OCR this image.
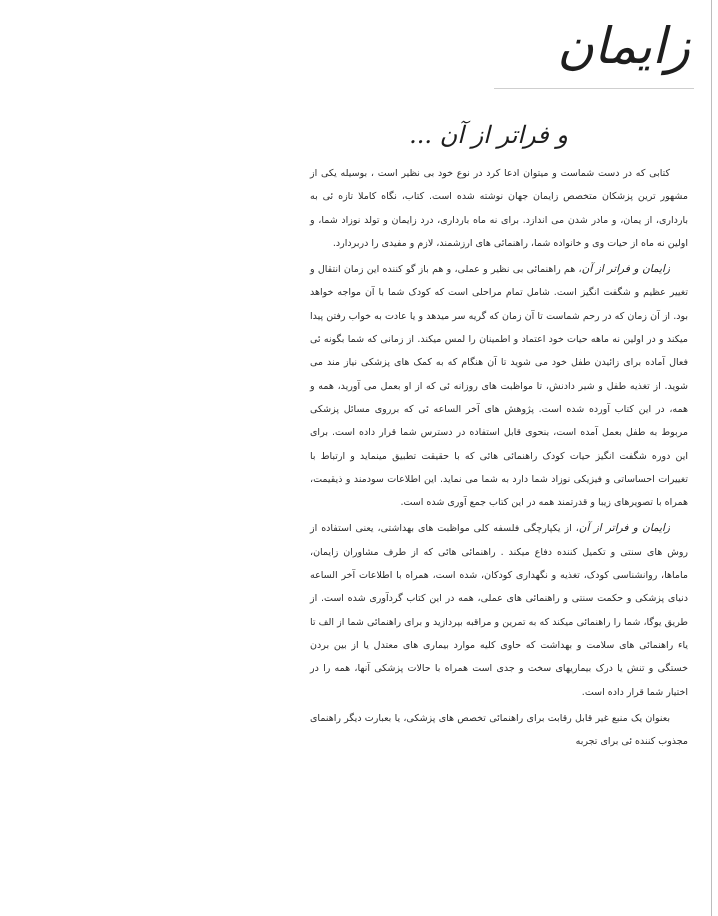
زایمان
و فراتر از آن ...

کتابی که در دست شماست و میتوان ادعا کرد در نوع خود بی نظیر است ، بوسیله یکی از مشهور ترین پزشکان متخصص زایمان جهان نوشته شده است. کتاب، نگاه کاملا تازه ئی به بارداری، از یمان، و مادر شدن می اندازد. برای نه ماه بارداری، درد زایمان و تولد نوزاد شما، و اولین نه ماه از حیات وی و خانواده شما، راهنمائی های ارزشمند، لازم و مفیدی را دربردارد.

زایمان و فراتر از آن، هم راهنمائی بی نظیر و عملی، و هم باز گو کننده این زمان انتقال و تغییر عظیم و شگفت انگیز است. شامل تمام مراحلی است که کودک شما با آن مواجه خواهد بود. از آن زمان که در رحم شماست تا آن زمان که گریه سر میدهد و یا عادت به خواب رفتن پیدا میکند و در اولین نه ماهه حیات خود اعتماد و اطمینان را لمس میکند. از زمانی که شما بگونه ئی فعال آماده برای زائیدن طفل خود می شوید تا آن هنگام که به کمک های پزشکی نیاز مند می شوید. از تغذیه طفل و شیر دادنش، تا مواظبت های روزانه ئی که از او بعمل می آورید، همه و همه، در این کتاب آورده شده است. پژوهش های آخر الساعه ئی که برروی مسائل پزشکی مربوط به طفل بعمل آمده است، بنحوی قابل استفاده در دسترس شما قرار داده است. برای این دوره شگفت انگیز حیات کودک راهنمائی هائی که با حقیقت تطبیق مینماید و ارتباط با تغییرات احساساتی و فیزیکی نوزاد شما دارد به شما می نماید. این اطلاعات سودمند و ذیقیمت، همراه با تصویرهای زیبا و قدرتمند همه در این کتاب جمع آوری شده است.

زایمان و فراتر از آن، از یکپارچگی فلسفه کلی مواظبت های بهداشتی، یعنی استفاده از روش های سنتی و تکمیل کننده دفاع میکند . راهنمائی هائی که از طرف مشاوران زایمان، ماماها، روانشناسی کودک، تغذیه و نگهداری کودکان، شده است، همراه با اطلاعات آخر الساعه دنیای پزشکی و حکمت سنتی و راهنمائی های عملی، همه در این کتاب گردآوری شده است. از طریق یوگا، شما را راهنمائی میکند که به تمرین و مراقبه بپردازید و برای راهنمائی شما از الف تا یاء راهنمائی های سلامت و بهداشت که حاوی کلیه موارد بیماری های معتدل یا از بین بردن خستگی و تنش یا درک بیماریهای سخت و جدی است همراه با حالات پزشکی آنها، همه را در اختیار شما قرار داده است.

بعنوان یک منبع غیر قابل رقابت برای راهنمائی تخصص های پزشکی، یا بعبارت دیگر راهنمای مجذوب کننده ئی برای تجربه
